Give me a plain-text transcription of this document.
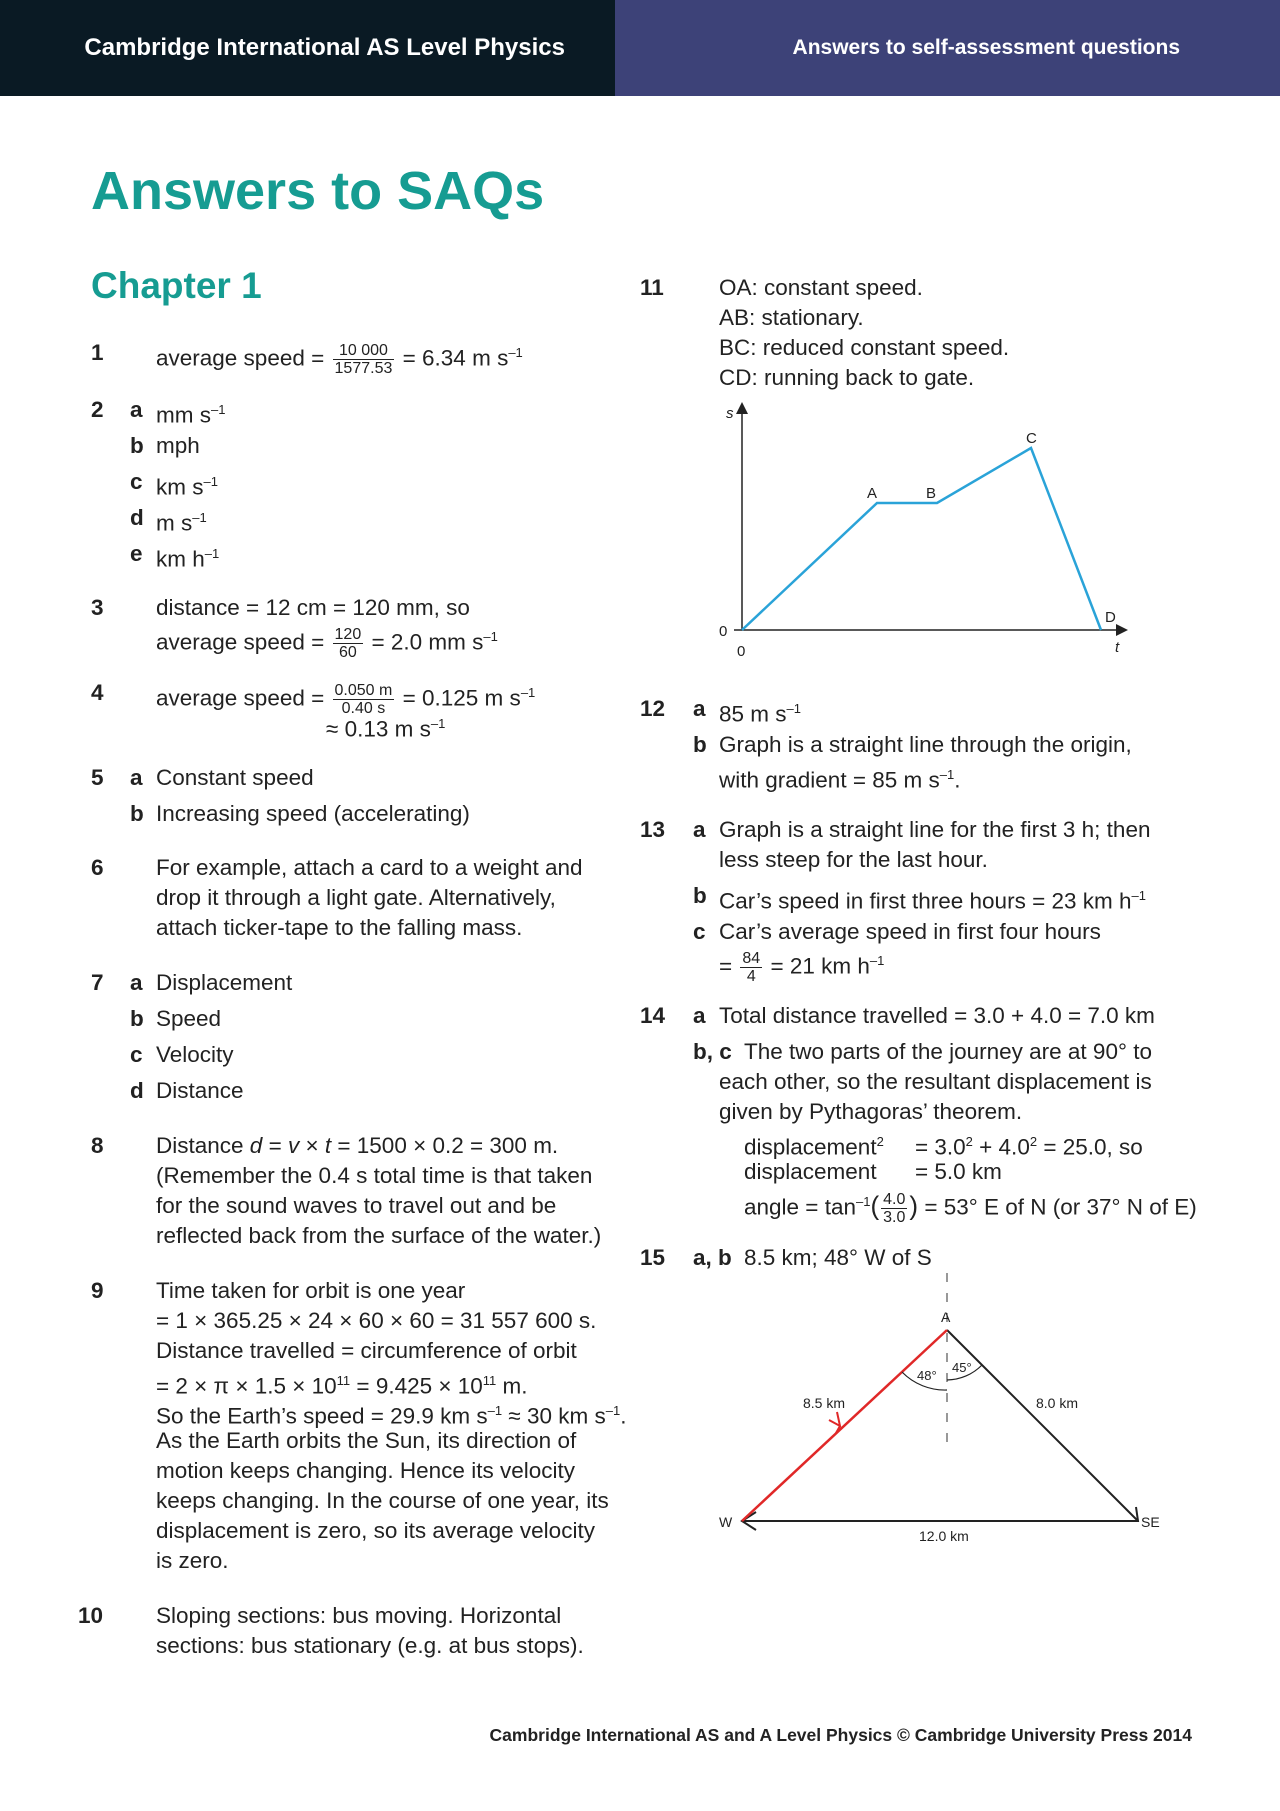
Cambridge International AS Level Physics	Answers to self-assessment questions
Answers to SAQs
Chapter 1
1 average speed = $\frac{10 000}{1577.53} = 6.34$ m $s^{-1}$
2 a mm $s^{-1}$
b mph
c km $s^{-1}$
d m $s^{-1}$
e km $h^{-1}$
3 distance = 12 cm = 120 mm, so
average speed = $\frac{120}{60} = 2.0$ mm $s^{-1}$
4 average speed = $\frac{0.050 m}{0.40 s} = 0.125$ m $s^{-1}$
≈ 0.13 m $s^{-1}$
5 a Constant speed
b Increasing speed (accelerating)
6 For example, attach a card to a weight and
drop it through a light gate. Alternatively,
attach ticker-tape to the falling mass.
7 a Displacement
b Speed
c Velocity
d Distance
8 Distance d = v × t = 1500 × 0.2 = 300 m.
(Remember the 0.4 s total time is that taken
for the sound waves to travel out and be
reflected back from the surface of the water.)
9 Time taken for orbit is one year
= 1 × 365.25 × 24 × 60 × 60 = 31 557 600 s.
Distance travelled = circumference of orbit
= $2 \times \pi \times 1.5 \times 10^{11} = 9.425 \times 10^{11}$ m.
So the Earth’s speed = 29.9 km $s^{-1} \approx 30$ km $s^{-1}$.
As the Earth orbits the Sun, its direction of
motion keeps changing. Hence its velocity
keeps changing. In the course of one year, its
displacement is zero, so its average velocity
is zero.
10 Sloping sections: bus moving. Horizontal
sections: bus stationary (e.g. at bus stops).
11 OA: constant speed.
AB: stationary.
BC: reduced constant speed.
CD: running back to gate.
s
t
0
0
A	B
C
D
A
W	SE
8.5 km	8.0 km
12.0 km
48°
45°
12 a 85 m $s^{-1}$
b Graph is a straight line through the origin,
with gradient = 85 m $s^{-1}$.
13 a Graph is a straight line for the first 3 h; then
less steep for the last hour.
b Car’s speed in first three hours = 23 km $h^{-1}$
c Car’s average speed in first four hours
= $\frac{84}{4} = 21$ km $h^{-1}$
14 a Total distance travelled = 3.0 + 4.0 = 7.0 km
b, c The two parts of the journey are at 90° to
each other, so the resultant displacement is
given by Pythagoras’ theorem.
displacement$^2$ = $3.0^2 + 4.0^2 = 25.0$, so
displacement = 5.0 km
angle = $\tan^{-1}( \frac{4.0}{3.0}$ ) = 53° E of N (or 37° N of E)
15 a, b 8.5 km; 48° W of S
Cambridge International AS and A Level Physics © Cambridge University Press 2014
